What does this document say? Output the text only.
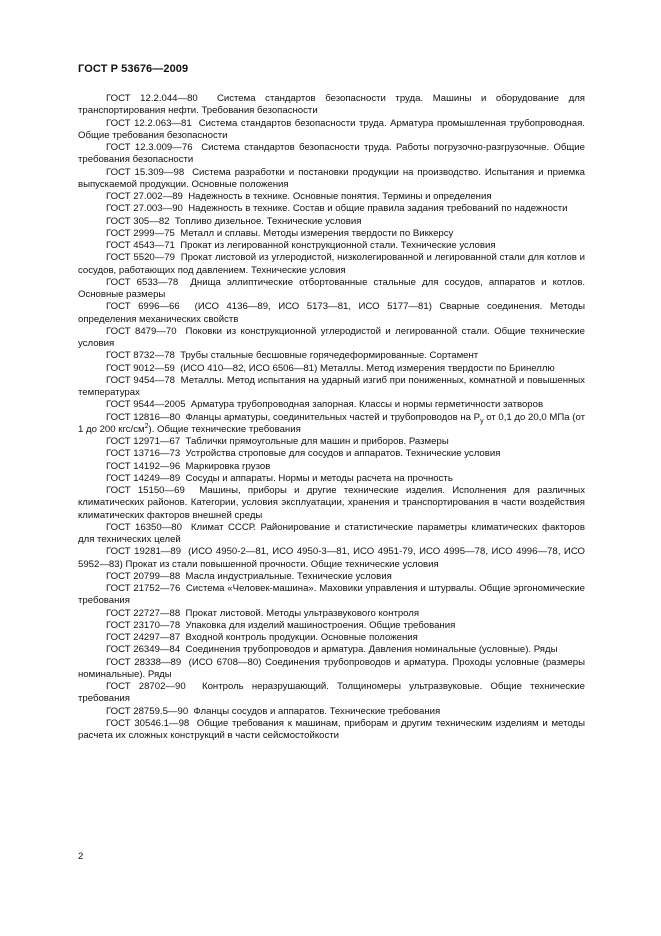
ГОСТ Р 53676—2009

ГОСТ 12.2.044—80 Система стандартов безопасности труда. Машины и оборудование для транспортирования нефти. Требования безопасности

ГОСТ 12.2.063—81 Система стандартов безопасности труда. Арматура промышленная трубопроводная. Общие требования безопасности

ГОСТ 12.3.009—76 Система стандартов безопасности труда. Работы погрузочно-разгрузочные. Общие требования безопасности

ГОСТ 15.309—98 Система разработки и постановки продукции на производство. Испытания и приемка выпускаемой продукции. Основные положения

ГОСТ 27.002—89 Надежность в технике. Основные понятия. Термины и определения

ГОСТ 27.003—90 Надежность в технике. Состав и общие правила задания требований по надежности

ГОСТ 305—82 Топливо дизельное. Технические условия

ГОСТ 2999—75 Металл и сплавы. Методы измерения твердости по Виккерсу

ГОСТ 4543—71 Прокат из легированной конструкционной стали. Технические условия

ГОСТ 5520—79 Прокат листовой из углеродистой, низколегированной и легированной стали для котлов и сосудов, работающих под давлением. Технические условия

ГОСТ 6533—78 Днища эллиптические отбортованные стальные для сосудов, аппаратов и котлов. Основные размеры

ГОСТ 6996—66 (ИСО 4136—89, ИСО 5173—81, ИСО 5177—81) Сварные соединения. Методы определения механических свойств

ГОСТ 8479—70 Поковки из конструкционной углеродистой и легированной стали. Общие технические условия

ГОСТ 8732—78 Трубы стальные бесшовные горячедеформированные. Сортамент

ГОСТ 9012—59 (ИСО 410—82, ИСО 6506—81) Металлы. Метод измерения твердости по Бринеллю

ГОСТ 9454—78 Металлы. Метод испытания на ударный изгиб при пониженных, комнатной и повышенных температурах

ГОСТ 9544—2005 Арматура трубопроводная запорная. Классы и нормы герметичности затворов

ГОСТ 12816—80 Фланцы арматуры, соединительных частей и трубопроводов на $Р_у$ от 0,1 до 20,0 МПа (от 1 до 200 кгс/$см^2$). Общие технические требования

ГОСТ 12971—67 Таблички прямоугольные для машин и приборов. Размеры

ГОСТ 13716—73 Устройства строповые для сосудов и аппаратов. Технические условия

ГОСТ 14192—96 Маркировка грузов

ГОСТ 14249—89 Сосуды и аппараты. Нормы и методы расчета на прочность

ГОСТ 15150—69 Машины, приборы и другие технические изделия. Исполнения для различных климатических районов. Категории, условия эксплуатации, хранения и транспортирования в части воздействия климатических факторов внешней среды

ГОСТ 16350—80 Климат СССР. Районирование и статистические параметры климатических факторов для технических целей

ГОСТ 19281—89 (ИСО 4950-2—81, ИСО 4950-3—81, ИСО 4951-79, ИСО 4995—78, ИСО 4996—78, ИСО 5952—83) Прокат из стали повышенной прочности. Общие технические условия

ГОСТ 20799—88 Масла индустриальные. Технические условия

ГОСТ 21752—76 Система «Человек-машина». Маховики управления и штурвалы. Общие эргономические требования

ГОСТ 22727—88 Прокат листовой. Методы ультразвукового контроля

ГОСТ 23170—78 Упаковка для изделий машиностроения. Общие требования

ГОСТ 24297—87 Входной контроль продукции. Основные положения

ГОСТ 26349—84 Соединения трубопроводов и арматура. Давления номинальные (условные). Ряды

ГОСТ 28338—89 (ИСО 6708—80) Соединения трубопроводов и арматура. Проходы условные (размеры номинальные). Ряды

ГОСТ 28702—90 Контроль неразрушающий. Толщиномеры ультразвуковые. Общие технические требования

ГОСТ 28759.5—90 Фланцы сосудов и аппаратов. Технические требования

ГОСТ 30546.1—98 Общие требования к машинам, приборам и другим техническим изделиям и методы расчета их сложных конструкций в части сейсмостойкости

2
